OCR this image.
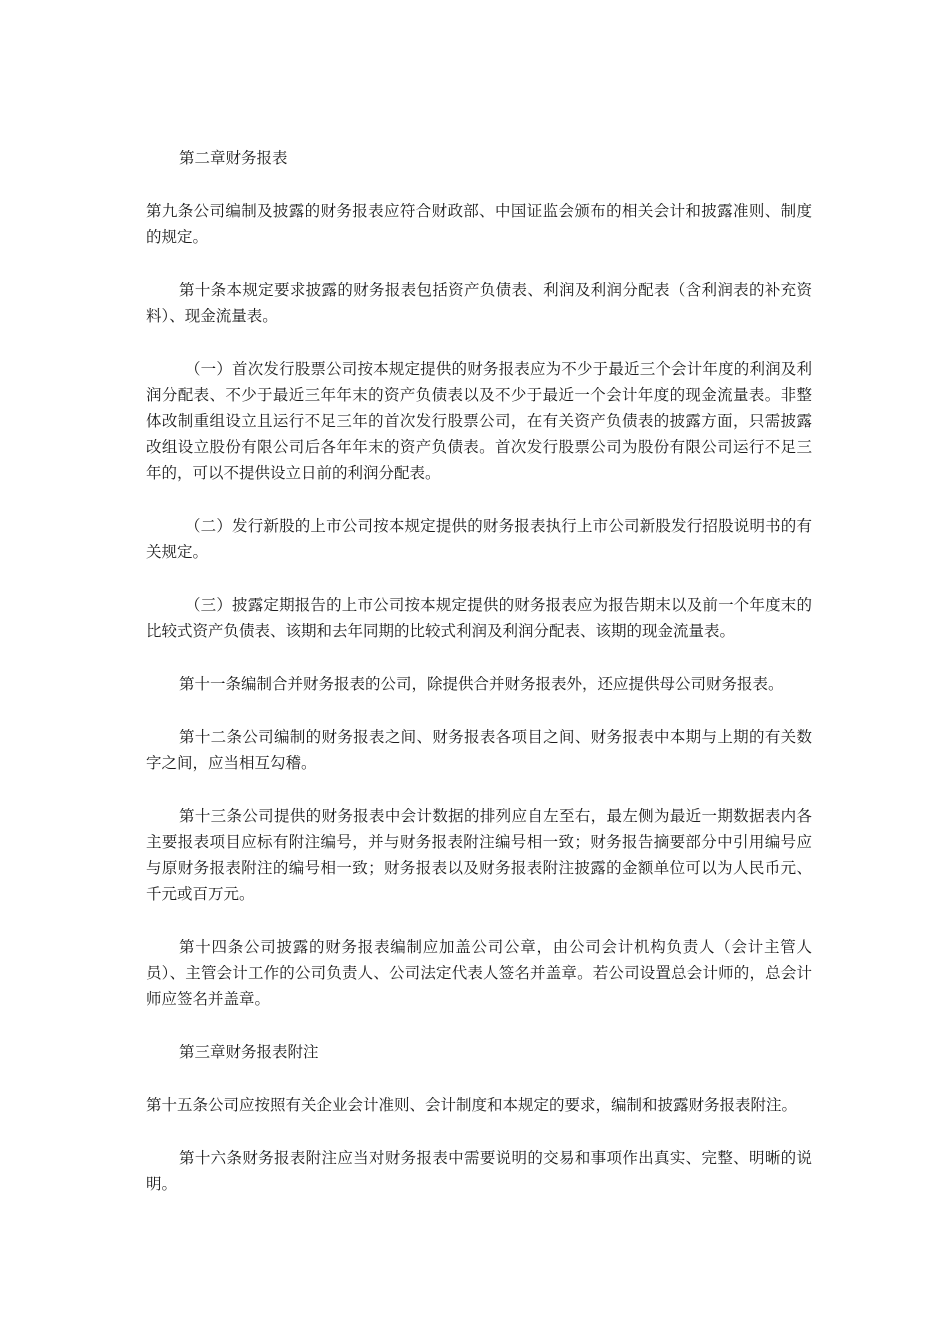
第二章财务报表

第九条公司编制及披露的财务报表应符合财政部、中国证监会颁布的相关会计和披露准则、制度的规定。

第十条本规定要求披露的财务报表包括资产负债表、利润及利润分配表（含利润表的补充资料）、现金流量表。

（一）首次发行股票公司按本规定提供的财务报表应为不少于最近三个会计年度的利润及利润分配表、不少于最近三年年末的资产负债表以及不少于最近一个会计年度的现金流量表。非整体改制重组设立且运行不足三年的首次发行股票公司，在有关资产负债表的披露方面，只需披露改组设立股份有限公司后各年年末的资产负债表。首次发行股票公司为股份有限公司运行不足三年的，可以不提供设立日前的利润分配表。

（二）发行新股的上市公司按本规定提供的财务报表执行上市公司新股发行招股说明书的有关规定。

（三）披露定期报告的上市公司按本规定提供的财务报表应为报告期末以及前一个年度末的比较式资产负债表、该期和去年同期的比较式利润及利润分配表、该期的现金流量表。

第十一条编制合并财务报表的公司，除提供合并财务报表外，还应提供母公司财务报表。

第十二条公司编制的财务报表之间、财务报表各项目之间、财务报表中本期与上期的有关数字之间，应当相互勾稽。

第十三条公司提供的财务报表中会计数据的排列应自左至右，最左侧为最近一期数据表内各主要报表项目应标有附注编号，并与财务报表附注编号相一致；财务报告摘要部分中引用编号应与原财务报表附注的编号相一致；财务报表以及财务报表附注披露的金额单位可以为人民币元、千元或百万元。

第十四条公司披露的财务报表编制应加盖公司公章，由公司会计机构负责人（会计主管人员）、主管会计工作的公司负责人、公司法定代表人签名并盖章。若公司设置总会计师的，总会计师应签名并盖章。

第三章财务报表附注

第十五条公司应按照有关企业会计准则、会计制度和本规定的要求，编制和披露财务报表附注。

第十六条财务报表附注应当对财务报表中需要说明的交易和事项作出真实、完整、明晰的说明。
